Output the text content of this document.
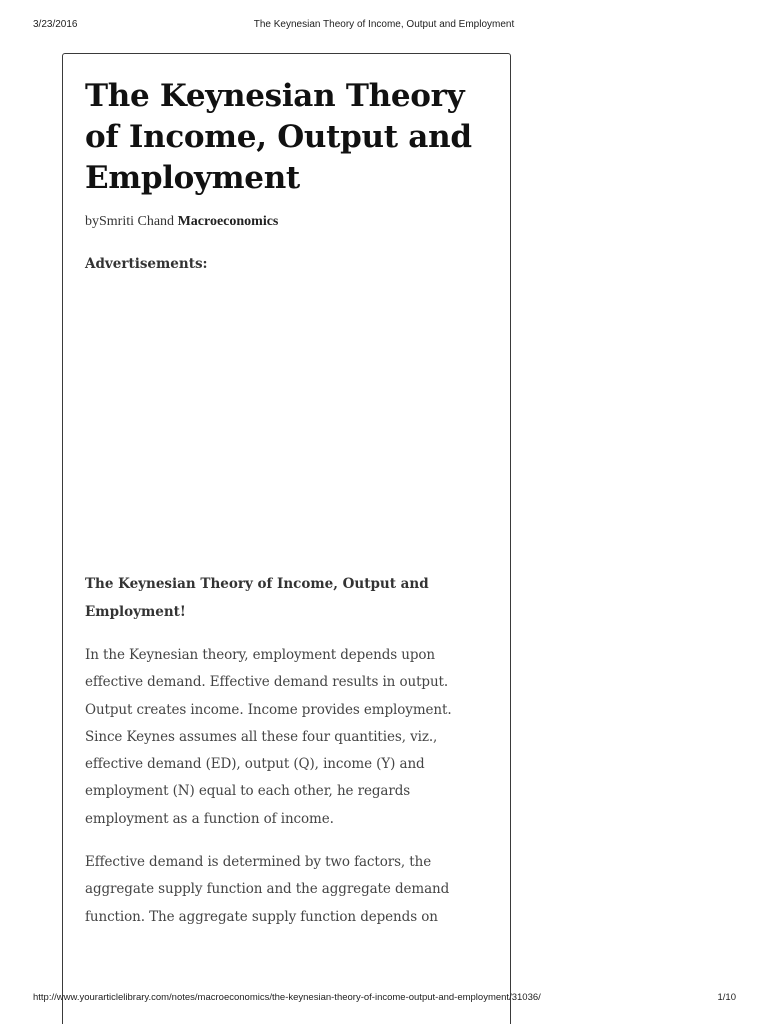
3/23/2016	The Keynesian Theory of Income, Output and Employment
The Keynesian Theory of Income, Output and Employment
bySmriti Chand Macroeconomics
Advertisements:
The Keynesian Theory of Income, Output and Employment!

In the Keynesian theory, employment depends upon effective demand. Effective demand results in output. Output creates income. Income provides employment. Since Keynes assumes all these four quantities, viz., effective demand (ED), output (Q), income (Y) and employment (N) equal to each other, he regards employment as a function of income.

Effective demand is determined by two factors, the aggregate supply function and the aggregate demand function. The aggregate supply function depends on

http://www.yourarticlelibrary.com/notes/macroeconomics/the-keynesian-theory-of-income-output-and-employment/31036/	1/10
